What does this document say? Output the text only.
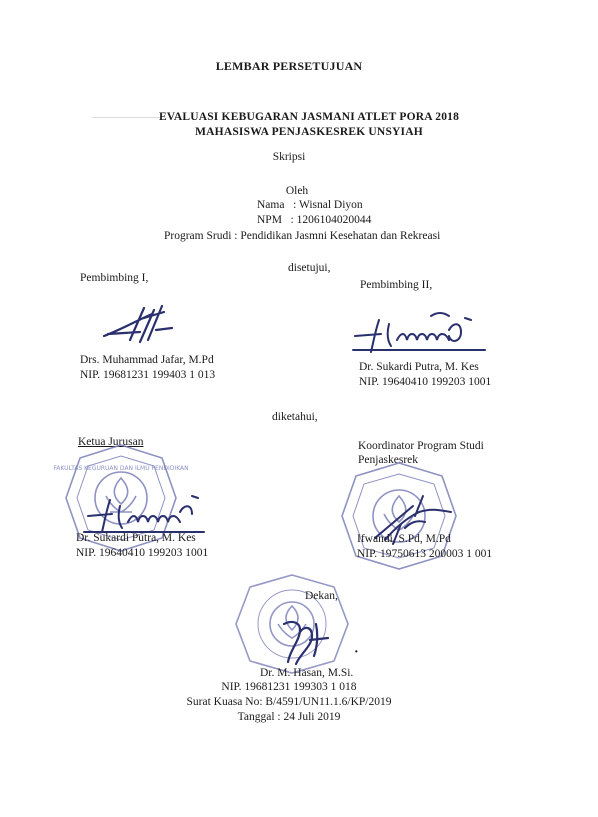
LEMBAR PERSETUJUAN
EVALUASI KEBUGARAN JASMANI ATLET PORA 2018
MAHASISWA PENJASKESREK UNSYIAH
Skripsi
Oleh
Nama   : Wisnal Diyon
NPM   : 1206104020044
Program Srudi : Pendidikan Jasmni Kesehatan dan Rekreasi
disetujui,
Pembimbing I,
Pembimbing II,
Drs. Muhammad Jafar, M.Pd
NIP. 19681231 199403 1 013
Dr. Sukardi Putra, M. Kes
NIP. 19640410 199203 1001
diketahui,
Ketua Jurusan	Koordinator Program Studi
Penjaskesrek
FAKULTAS KEGURUAN DAN ILMU PENDIDIKAN
Dr. Sukardi Putra, M. Kes
NIP. 19640410 199203 1001
Ifwandi, S.Pd, M.Pd
NIP. 19750613 200003 1 001
Dekan,
·
Dr. M. Hasan, M.Si.
NIP. 19681231 199303 1 018
Surat Kuasa No: B/4591/UN11.1.6/KP/2019
Tanggal : 24 Juli 2019
